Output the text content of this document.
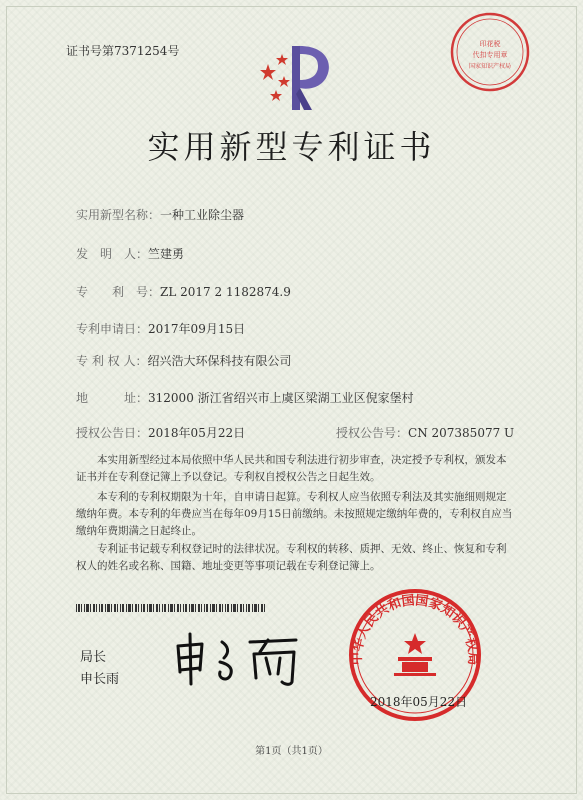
证书号第7371254号	印花税
代扣专用章
国家知识产权局
实用新型专利证书
实用新型名称：一种工业除尘器
发　明　人：竺建勇
专　　利　号：ZL 2017 2 1182874.9
专利申请日：2017年09月15日
专 利 权 人：绍兴浩大环保科技有限公司
地　　　址：312000 浙江省绍兴市上虞区梁湖工业区倪家堡村
授权公告日：2018年05月22日	授权公告号：CN 207385077 U
本实用新型经过本局依照中华人民共和国专利法进行初步审查，决定授予专利权，颁发本证书并在专利登记簿上予以登记。专利权自授权公告之日起生效。
本专利的专利权期限为十年，自申请日起算。专利权人应当依照专利法及其实施细则规定缴纳年费。本专利的年费应当在每年09月15日前缴纳。未按照规定缴纳年费的，专利权自应当缴纳年费期满之日起终止。
专利证书记载专利权登记时的法律状况。专利权的转移、质押、无效、终止、恢复和专利权人的姓名或名称、国籍、地址变更等事项记载在专利登记簿上。
局长
申长雨
中华人民共和国国家知识产权局
2018年05月22日
第1页（共1页）
